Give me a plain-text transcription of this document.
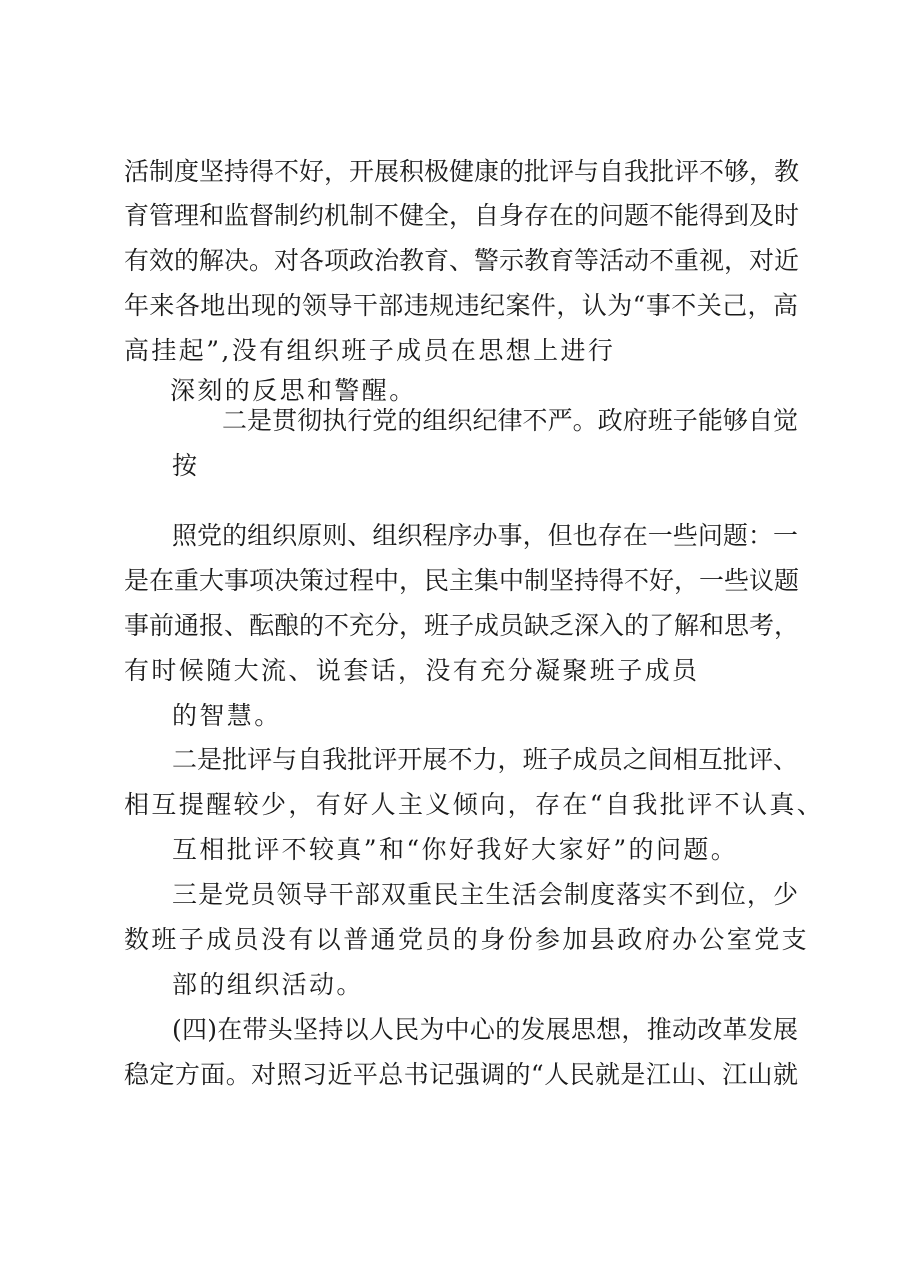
活制度坚持得不好，开展积极健康的批评与自我批评不够，教
育管理和监督制约机制不健全，自身存在的问题不能得到及时
有效的解决。对各项政治教育、警示教育等活动不重视，对近
年来各地出现的领导干部违规违纪案件，认为“事不关己，高
高挂起”,没有组织班子成员在思想上进行
深刻的反思和警醒。
二是贯彻执行党的组织纪律不严。政府班子能够自觉
按
照党的组织原则、组织程序办事，但也存在一些问题：一
是在重大事项决策过程中，民主集中制坚持得不好，一些议题
事前通报、酝酿的不充分，班子成员缺乏深入的了解和思考，
有时候随大流、说套话，没有充分凝聚班子成员
的智慧。
二是批评与自我批评开展不力，班子成员之间相互批评、
相互提醒较少，有好人主义倾向，存在“自我批评不认真、
互相批评不较真”和“你好我好大家好”的问题。
三是党员领导干部双重民主生活会制度落实不到位，少
数班子成员没有以普通党员的身份参加县政府办公室党支
部的组织活动。
(四)在带头坚持以人民为中心的发展思想，推动改革发展
稳定方面。对照习近平总书记强调的“人民就是江山、江山就
